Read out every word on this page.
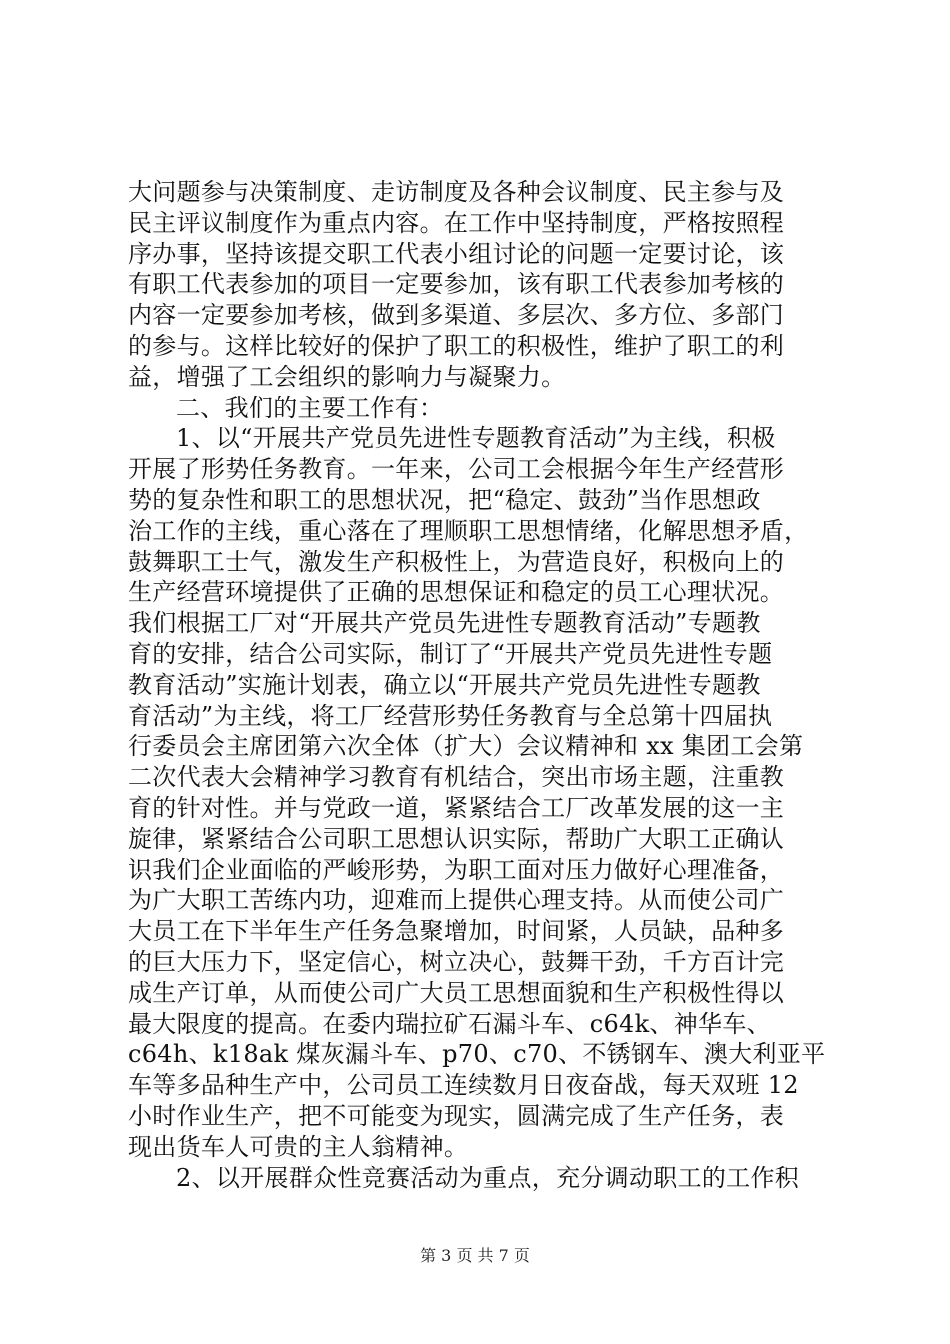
大问题参与决策制度、走访制度及各种会议制度、民主参与及
民主评议制度作为重点内容。在工作中坚持制度，严格按照程
序办事，坚持该提交职工代表小组讨论的问题一定要讨论，该
有职工代表参加的项目一定要参加，该有职工代表参加考核的
内容一定要参加考核，做到多渠道、多层次、多方位、多部门
的参与。这样比较好的保护了职工的积极性，维护了职工的利
益，增强了工会组织的影响力与凝聚力。
二、我们的主要工作有：
1、以“开展共产党员先进性专题教育活动”为主线，积极
开展了形势任务教育。一年来，公司工会根据今年生产经营形
势的复杂性和职工的思想状况，把“稳定、鼓劲”当作思想政
治工作的主线，重心落在了理顺职工思想情绪，化解思想矛盾，
鼓舞职工士气，激发生产积极性上，为营造良好，积极向上的
生产经营环境提供了正确的思想保证和稳定的员工心理状况。
我们根据工厂对“开展共产党员先进性专题教育活动”专题教
育的安排，结合公司实际，制订了“开展共产党员先进性专题
教育活动”实施计划表，确立以“开展共产党员先进性专题教
育活动”为主线，将工厂经营形势任务教育与全总第十四届执
行委员会主席团第六次全体（扩大）会议精神和 xx 集团工会第
二次代表大会精神学习教育有机结合，突出市场主题，注重教
育的针对性。并与党政一道，紧紧结合工厂改革发展的这一主
旋律，紧紧结合公司职工思想认识实际，帮助广大职工正确认
识我们企业面临的严峻形势，为职工面对压力做好心理准备，
为广大职工苦练内功，迎难而上提供心理支持。从而使公司广
大员工在下半年生产任务急聚增加，时间紧，人员缺，品种多
的巨大压力下，坚定信心，树立决心，鼓舞干劲，千方百计完
成生产订单，从而使公司广大员工思想面貌和生产积极性得以
最大限度的提高。在委内瑞拉矿石漏斗车、c64k、神华车、
c64h、k18ak 煤灰漏斗车、p70、c70、不锈钢车、澳大利亚平
车等多品种生产中，公司员工连续数月日夜奋战，每天双班 12
小时作业生产，把不可能变为现实，圆满完成了生产任务，表
现出货车人可贵的主人翁精神。
2、以开展群众性竞赛活动为重点，充分调动职工的工作积
第 3 页 共 7 页
